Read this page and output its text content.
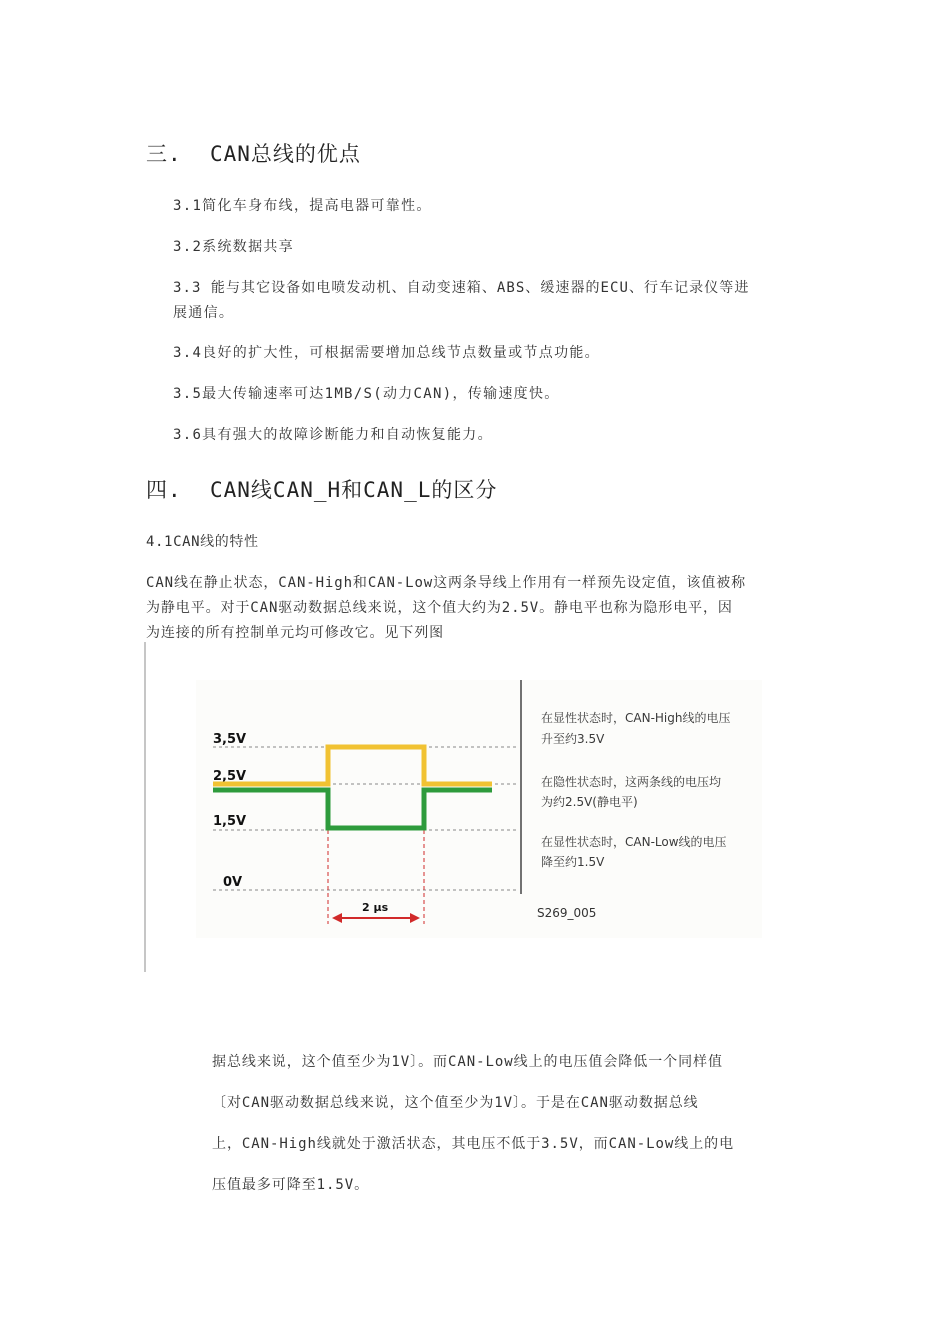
三. CAN总线的优点
3.1简化车身布线，提高电器可靠性。
3.2系统数据共享
3.3 能与其它设备如电喷发动机、自动变速箱、ABS、缓速器的ECU、行车记录仪等进
展通信。
3.4良好的扩大性，可根据需要增加总线节点数量或节点功能。
3.5最大传输速率可达1MB/S(动力CAN)，传输速度快。
3.6具有强大的故障诊断能力和自动恢复能力。
四. CAN线CAN_H和CAN_L的区分
4.1CAN线的特性
CAN线在静止状态，CAN-High和CAN-Low这两条导线上作用有一样预先设定值，该值被称
为静电平。对于CAN驱动数据总线来说，这个值大约为2.5V。静电平也称为隐形电平，因
为连接的所有控制单元均可修改它。见下列图
3,5V
2,5V
1,5V
0V
2 μs
在显性状态时，CAN-High线的电压
升至约3.5V
在隐性状态时，这两条线的电压均
为约2.5V(静电平)
在显性状态时，CAN-Low线的电压
降至约1.5V
S269_005
据总线来说，这个值至少为1V〕。而CAN-Low线上的电压值会降低一个同样值
〔对CAN驱动数据总线来说，这个值至少为1V〕。于是在CAN驱动数据总线
上，CAN-High线就处于激活状态，其电压不低于3.5V，而CAN-Low线上的电
压值最多可降至1.5V。
